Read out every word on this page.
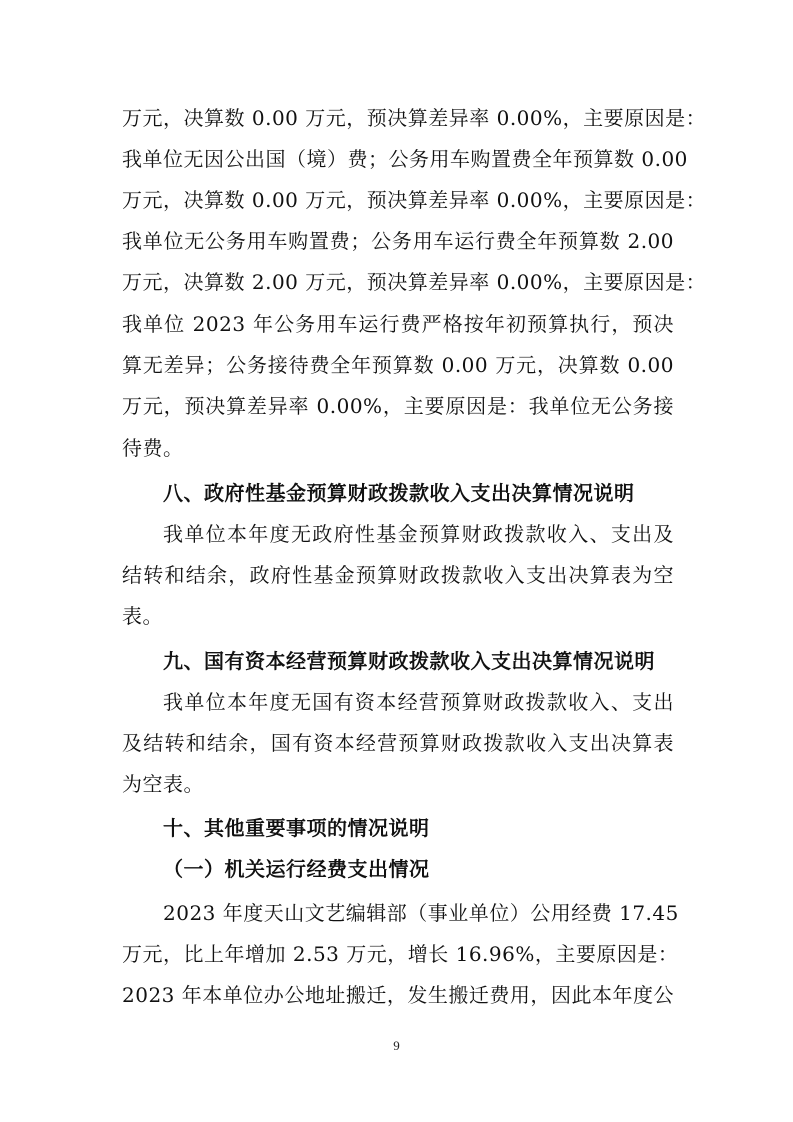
万元，决算数 0.00 万元，预决算差异率 0.00%，主要原因是：
我单位无因公出国（境）费；公务用车购置费全年预算数 0.00
万元，决算数 0.00 万元，预决算差异率 0.00%，主要原因是：
我单位无公务用车购置费；公务用车运行费全年预算数 2.00
万元，决算数 2.00 万元，预决算差异率 0.00%，主要原因是：
我单位 2023 年公务用车运行费严格按年初预算执行，预决
算无差异；公务接待费全年预算数 0.00 万元，决算数 0.00
万元，预决算差异率 0.00%，主要原因是：我单位无公务接
待费。
八、政府性基金预算财政拨款收入支出决算情况说明
我单位本年度无政府性基金预算财政拨款收入、支出及
结转和结余，政府性基金预算财政拨款收入支出决算表为空
表。
九、国有资本经营预算财政拨款收入支出决算情况说明
我单位本年度无国有资本经营预算财政拨款收入、支出
及结转和结余，国有资本经营预算财政拨款收入支出决算表
为空表。
十、其他重要事项的情况说明
（一）机关运行经费支出情况
2023 年度天山文艺编辑部（事业单位）公用经费 17.45
万元，比上年增加 2.53 万元，增长 16.96%，主要原因是：
2023 年本单位办公地址搬迁，发生搬迁费用，因此本年度公
9
